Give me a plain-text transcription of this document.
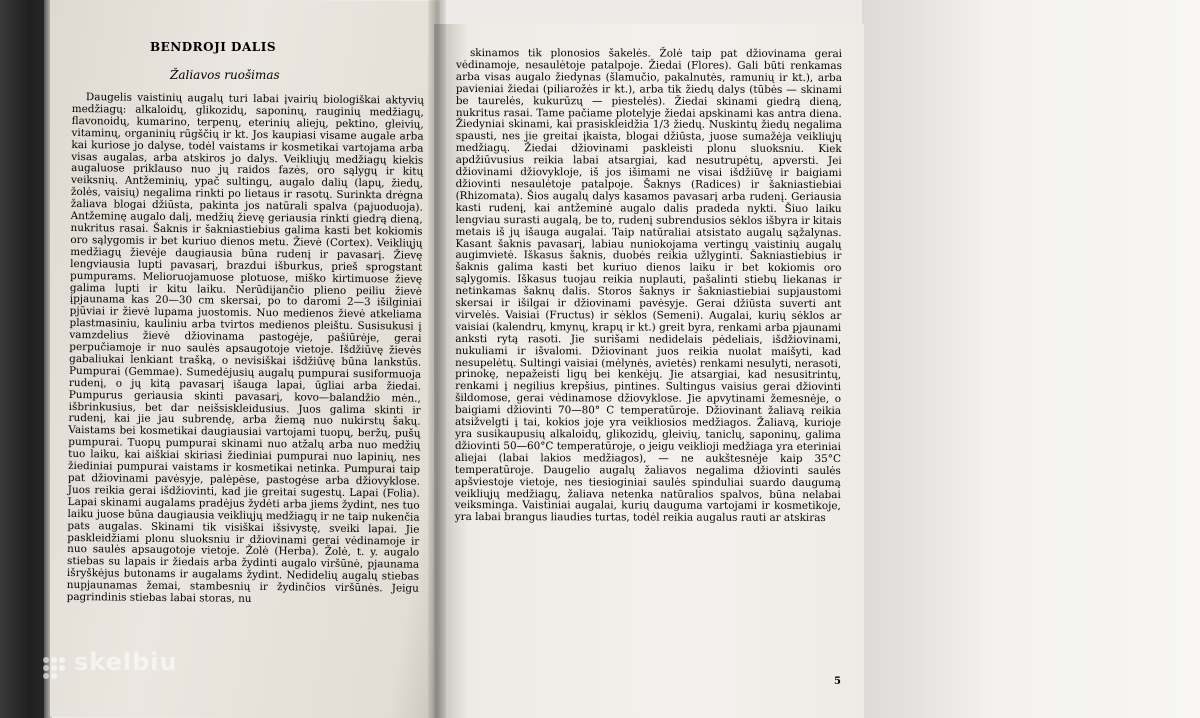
BENDROJI DALIS
Žaliavos ruošimas

Daugelis vaistinių augalų turi labai įvairių biologiškai aktyvių medžiagų: alkaloidų, glikozidų, saponinų, rauginių medžiagų, flavonoidų, kumarino, terpenų, eterinių aliejų, pektino, gleivių, vitaminų, organinių rūgščių ir kt. Jos kaupiasi visame augale arba kai kuriose jo dalyse, todėl vaistams ir kosmetikai vartojama arba visas augalas, arba atskiros jo dalys. Veikliųjų medžiagų kiekis augaluose priklauso nuo jų raidos fazės, oro sąlygų ir kitų veiksnių. Antžeminių, ypač sultingų, augalo dalių (lapų, žiedų, žolės, vaisių) negalima rinkti po lietaus ir rasotų. Surinkta drėgna žaliava blogai džiūsta, pakinta jos natūrali spalva (pajuoduoja). Antžeminę augalo dalį, medžių žievę geriausia rinkti giedrą dieną, nukritus rasai. Šaknis ir šakniastiebius galima kasti bet kokiomis oro sąlygomis ir bet kuriuo dienos metu. Žievė (Cortex). Veikliųjų medžiagų žievėje daugiausia būna rudenį ir pavasarį. Žievę lengviausia lupti pavasarį, brazdui išburkus, prieš sprogstant pumpurams. Melioruojamuose plotuose, miško kirtimuose žievę galima lupti ir kitu laiku. Nerūdijančio plieno peiliu žievė įpjaunama kas 20—30 cm skersai, po to daromi 2—3 išilginiai pjūviai ir žievė lupama juostomis. Nuo medienos žievė atkeliama plastmasiniu, kauliniu arba tvirtos medienos pleištu. Susisukusi į vamzdelius žievė džiovinama pastogėje, pašiūrėje, gerai perpučiamoje ir nuo saulės apsaugotoje vietoje. Išdžiūvę žievės gabaliukai lenkiant trašką, o nevisiškai išdžiūvę būna lankstūs. Pumpurai (Gemmae). Sumedėjusių augalų pumpurai susiformuoja rudenį, o jų kitą pavasarį išauga lapai, ūgliai arba žiedai. Pumpurus geriausia skinti pavasarį, kovo—balandžio mėn., išbrinkusius, bet dar neišsiskleidusius. Juos galima skinti ir rudenį, kai jie jau subrendę, arba žiemą nuo nukirstų šakų. Vaistams bei kosmetikai daugiausiai vartojami tuopų, beržų, pušų pumpurai. Tuopų pumpurai skinami nuo atžalų arba nuo medžių tuo laiku, kai aiškiai skiriasi žiediniai pumpurai nuo lapinių, nes žiediniai pumpurai vaistams ir kosmetikai netinka. Pumpurai taip pat džiovinami pavėsyje, palėpėse, pastogėse arba džiovyklose. Juos reikia gerai išdžiovinti, kad jie greitai sugestų. Lapai (Folia). Lapai skinami augalams pradėjus žydėti arba jiems žydint, nes tuo laiku juose būna daugiausia veikliųjų medžiagų ir ne taip nukenčia pats augalas. Skinami tik visiškai išsivystę, sveiki lapai. Jie paskleidžiami plonu sluoksniu ir džiovinami gerai vėdinamoje ir nuo saulės apsaugotoje vietoje. Žolė (Herba). Žolė, t. y. augalo stiebas su lapais ir žiedais arba žydinti augalo viršūnė, pjaunama išryškėjus butonams ir augalams žydint. Nedidelių augalų stiebas nupjaunamas žemai, stambesnių ir žydinčios viršūnės. Jeigu pagrindinis stiebas labai storas, nu

skinamos tik plonosios šakelės. Žolė taip pat džiovinama gerai vėdinamoje, nesaulėtoje patalpoje. Žiedai (Flores). Gali būti renkamas arba visas augalo žiedynas (šlamučio, pakalnutės, ramunių ir kt.), arba pavieniai žiedai (piliarožės ir kt.), arba tik žiedų dalys (tūbės — skinami be taurelės, kukurūzų — piestelės). Žiedai skinami giedrą dieną, nukritus rasai. Tame pačiame plotelyje žiedai apskinami kas antra diena. Žiedyniai skinami, kai prasiskleidžia 1/3 žiedų. Nuskintų žiedų negalima spausti, nes jie greitai įkaista, blogai džiūsta, juose sumažėja veikliųjų medžiagų. Žiedai džiovinami paskleisti plonu sluoksniu. Kiek apdžiūvusius reikia labai atsargiai, kad nesutrupėtų, apversti. Jei džiovinami džiovykloje, iš jos išimami ne visai išdžiūvę ir baigiami džiovinti nesaulėtoje patalpoje. Šaknys (Radices) ir šakniastiebiai (Rhizomata). Šios augalų dalys kasamos pavasarį arba rudenį. Geriausia kasti rudenį, kai antžeminė augalo dalis pradeda nykti. Šiuo laiku lengviau surasti augalą, be to, rudenį subrendusios sėklos išbyra ir kitais metais iš jų išauga augalai. Taip natūraliai atsistato augalų sąžalynas. Kasant šaknis pavasarį, labiau nuniokojama vertingų vaistinių augalų augimvietė. Iškasus šaknis, duobės reikia užlyginti. Šakniastiebius ir šaknis galima kasti bet kuriuo dienos laiku ir bet kokiomis oro sąlygomis. Iškasus tuojau reikia nuplauti, pašalinti stiebų liekanas ir netinkamas šaknų dalis. Storos šaknys ir šakniastiebiai supjaustomi skersai ir išilgai ir džiovinami pavėsyje. Gerai džiūsta suverti ant virvelės. Vaisiai (Fructus) ir sėklos (Semeni). Augalai, kurių sėklos ar vaisiai (kalendrų, kmynų, krapų ir kt.) greit byra, renkami arba pjaunami anksti rytą rasoti. Jie surišami nedidelais pėdeliais, išdžiovinami, nukuliami ir išvalomi. Džiovinant juos reikia nuolat maišyti, kad nesupelėtų. Sultingi vaisiai (mėlynės, avietės) renkami nesulyti, nerasoti, prinokę, nepažeisti ligų bei kenkėjų. Jie atsargiai, kad nesusitrintų, renkami į negilius krepšius, pintines. Sultingus vaisius gerai džiovinti šildomose, gerai vėdinamose džiovyklose. Jie apvytinami žemesnėje, o baigiami džiovinti 70—80° C temperatūroje. Džiovinant žaliavą reikia atsižvelgti į tai, kokios joje yra veikliosios medžiagos. Žaliavą, kurioje yra susikaupusių alkaloidų, glikozidų, gleivių, taniclų, saponinų, galima džiovinti 50—60°C temperatūroje, o jeigu veiklioji medžiaga yra eteriniai aliejai (labai lakios medžiagos), — ne aukštesnėje kaip 35°C temperatūroje. Daugelio augalų žaliavos negalima džiovinti saulės apšviestoje vietoje, nes tiesioginiai saulės spinduliai suardo daugumą veikliųjų medžiagų, žaliava netenka natūralios spalvos, būna nelabai veiksminga. Vaistiniai augalai, kurių dauguma vartojami ir kosmetikoje, yra labai brangus liaudies turtas, todėl reikia augalus rauti ar atskiras

5
skelbiu
